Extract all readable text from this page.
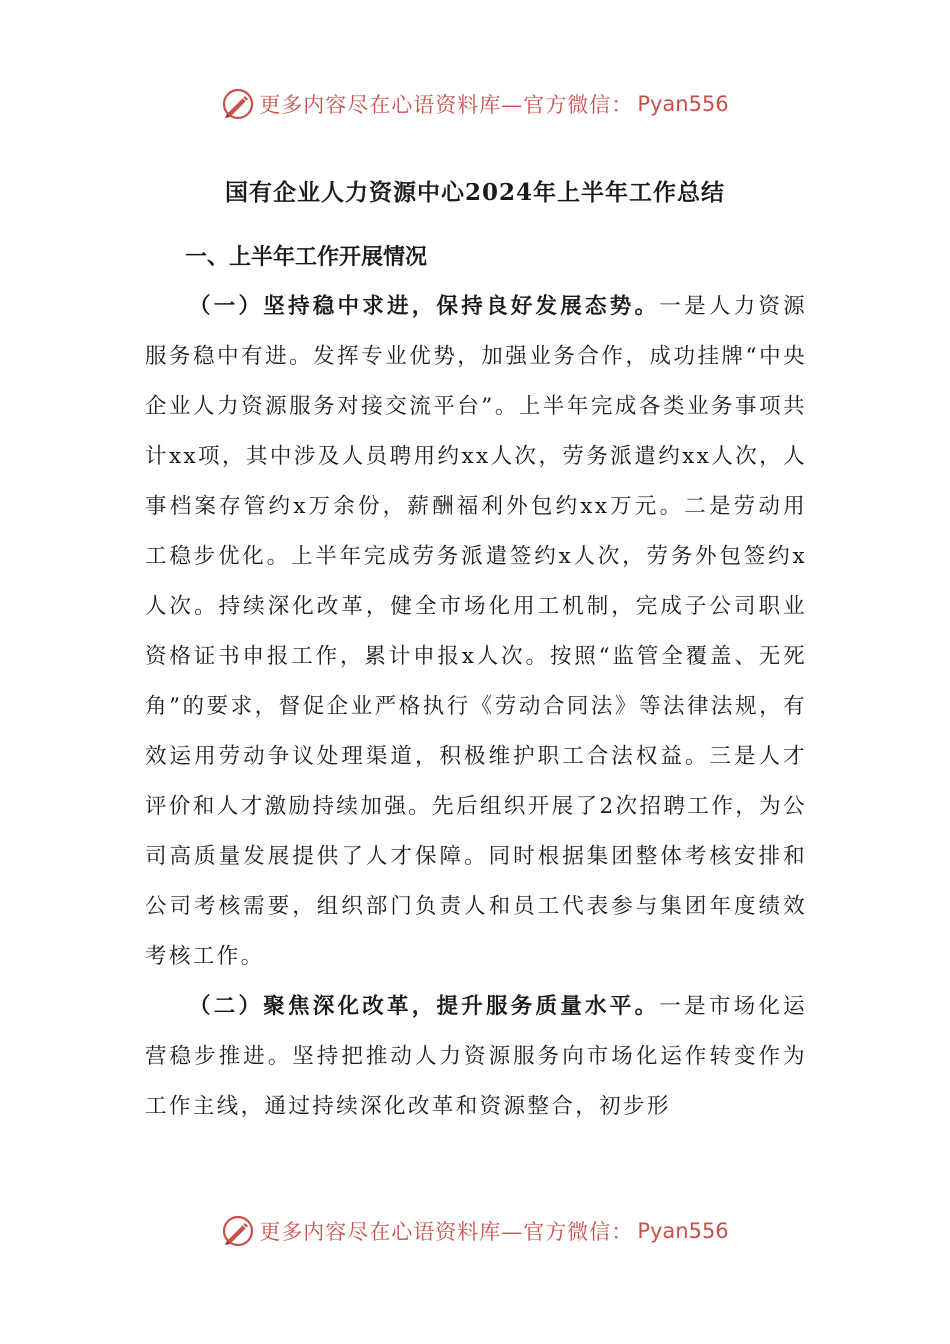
更多内容尽在心语资料库—官方微信： Pyan556
国有企业人力资源中心2024年上半年工作总结

一、上半年工作开展情况

（一）坚持稳中求进，保持良好发展态势。一是人力资源服务稳中有进。发挥专业优势，加强业务合作，成功挂牌“中央企业人力资源服务对接交流平台”。上半年完成各类业务事项共计xx项，其中涉及人员聘用约xx人次，劳务派遣约xx人次，人事档案存管约x万余份，薪酬福利外包约xx万元。二是劳动用工稳步优化。上半年完成劳务派遣签约x人次，劳务外包签约x人次。持续深化改革，健全市场化用工机制，完成子公司职业资格证书申报工作，累计申报x人次。按照“监管全覆盖、无死角”的要求，督促企业严格执行《劳动合同法》等法律法规，有效运用劳动争议处理渠道，积极维护职工合法权益。三是人才评价和人才激励持续加强。先后组织开展了2次招聘工作，为公司高质量发展提供了人才保障。同时根据集团整体考核安排和公司考核需要，组织部门负责人和员工代表参与集团年度绩效考核工作。

（二）聚焦深化改革，提升服务质量水平。一是市场化运营稳步推进。坚持把推动人力资源服务向市场化运作转变作为工作主线，通过持续深化改革和资源整合，初步形

更多内容尽在心语资料库—官方微信： Pyan556
